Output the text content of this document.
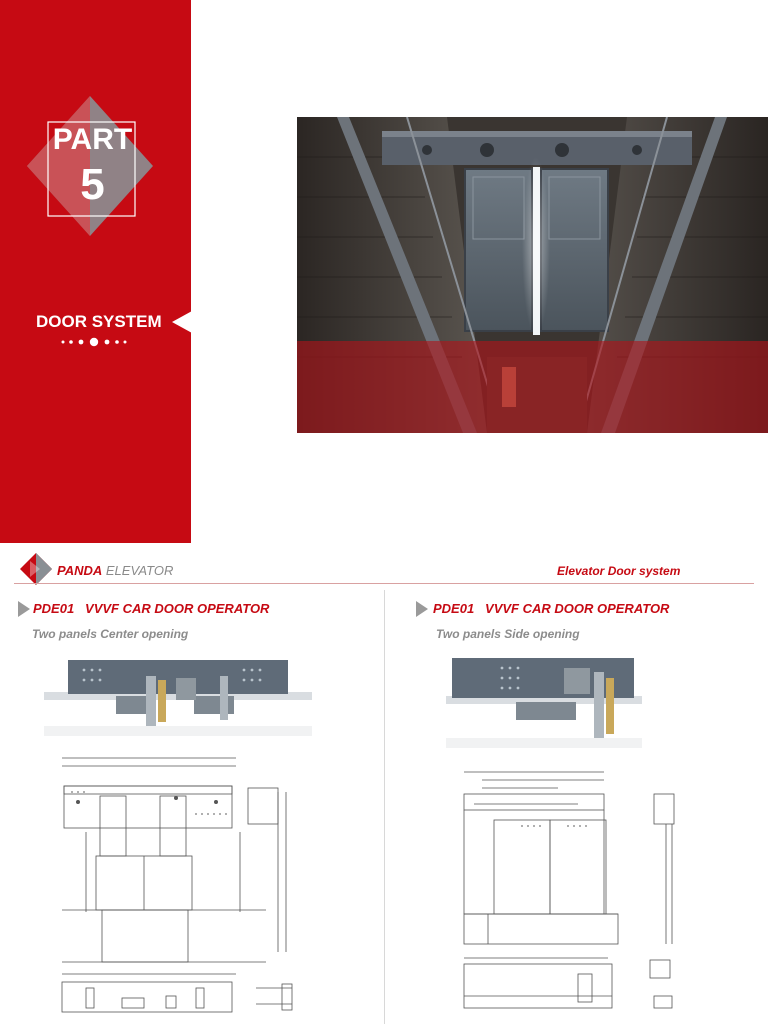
PART
5
DOOR SYSTEM
PANDA ELEVATOR	Elevator Door system
PDE01   VVVF CAR DOOR OPERATOR
Two panels Center opening
PDE01   VVVF CAR DOOR OPERATOR
Two panels Side opening
